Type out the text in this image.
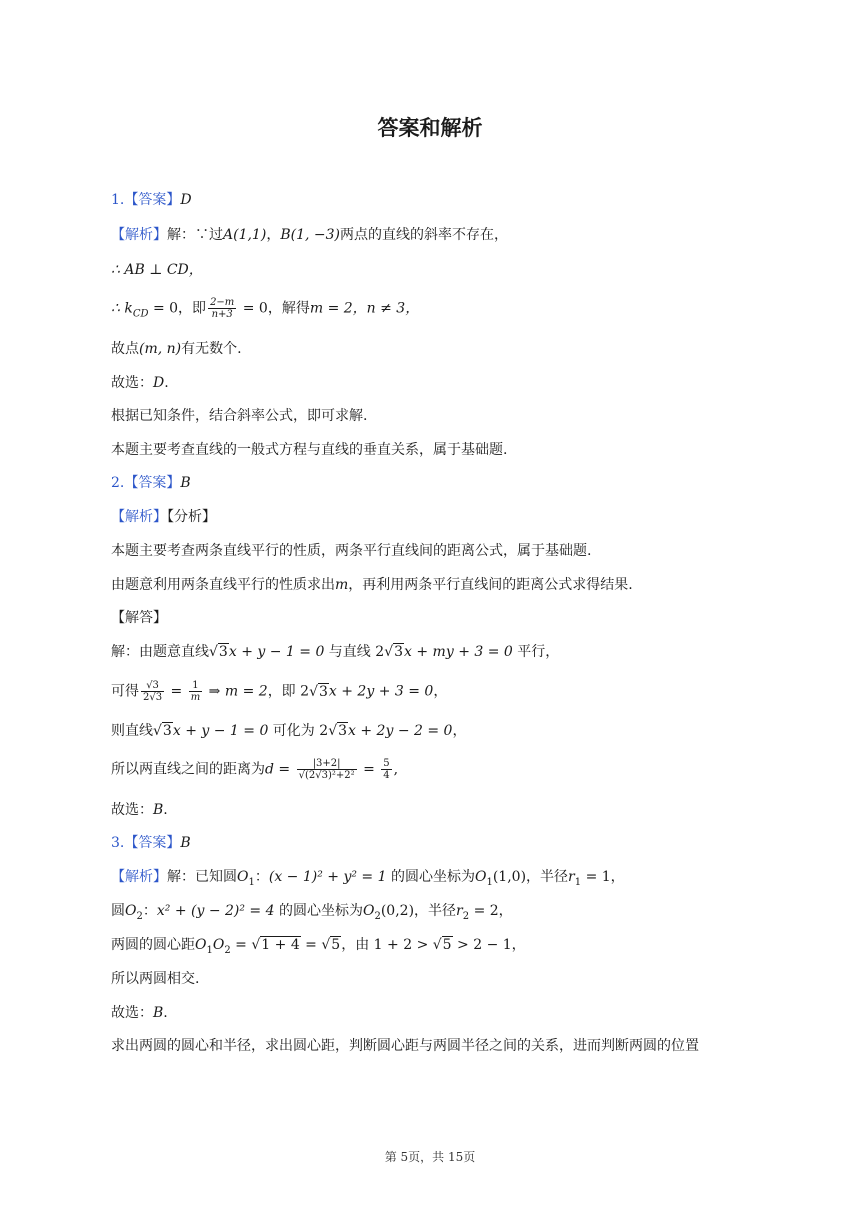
答案和解析
1.【答案】D
【解析】解：∵过A(1,1)，B(1, −3)两点的直线的斜率不存在，
∴ AB ⊥ CD，
∴ $k_{CD} = 0$，即 $\frac{2-m}{n+3} = 0$，解得m = 2，n ≠ 3，
故点(m, n)有无数个.
故选：D.
根据已知条件，结合斜率公式，即可求解.
本题主要考查直线的一般式方程与直线的垂直关系，属于基础题.
2.【答案】B
【解析】【分析】
本题主要考查两条直线平行的性质，两条平行直线间的距离公式，属于基础题.
由题意利用两条直线平行的性质求出m，再利用两条平行直线间的距离公式求得结果.
【解答】
解：由题意直线√3x + y − 1 = 0 与直线 2√3x + my + 3 = 0 平行，
可得 $\frac{√3}{2√3} = \frac{1}{m}$ ⇒ m = 2，即 2√3x + 2y + 3 = 0，
则直线√3x + y − 1 = 0 可化为 2√3x + 2y − 2 = 0，
所以两直线之间的距离为$d = \frac{|3+2|}{\text{√(2√3)²+2²}} = \frac{5}{4}$ ,
故选：B.
3.【答案】B
【解析】解：已知圆$O_1$：(x − 1)² + y² = 1 的圆心坐标为$O_1(1,0)$，半径$r_1 = 1$，
圆$O_2$：x² + (y − 2)² = 4 的圆心坐标为$O_2(0,2)$，半径$r_2 = 2$，
两圆的圆心距$O_1O_2 = √1 + 4 = √5$，由 1 + 2 > √5 > 2 − 1，
所以两圆相交.
故选：B.
求出两圆的圆心和半径，求出圆心距，判断圆心距与两圆半径之间的关系，进而判断两圆的位置
第 5页，共 15页
